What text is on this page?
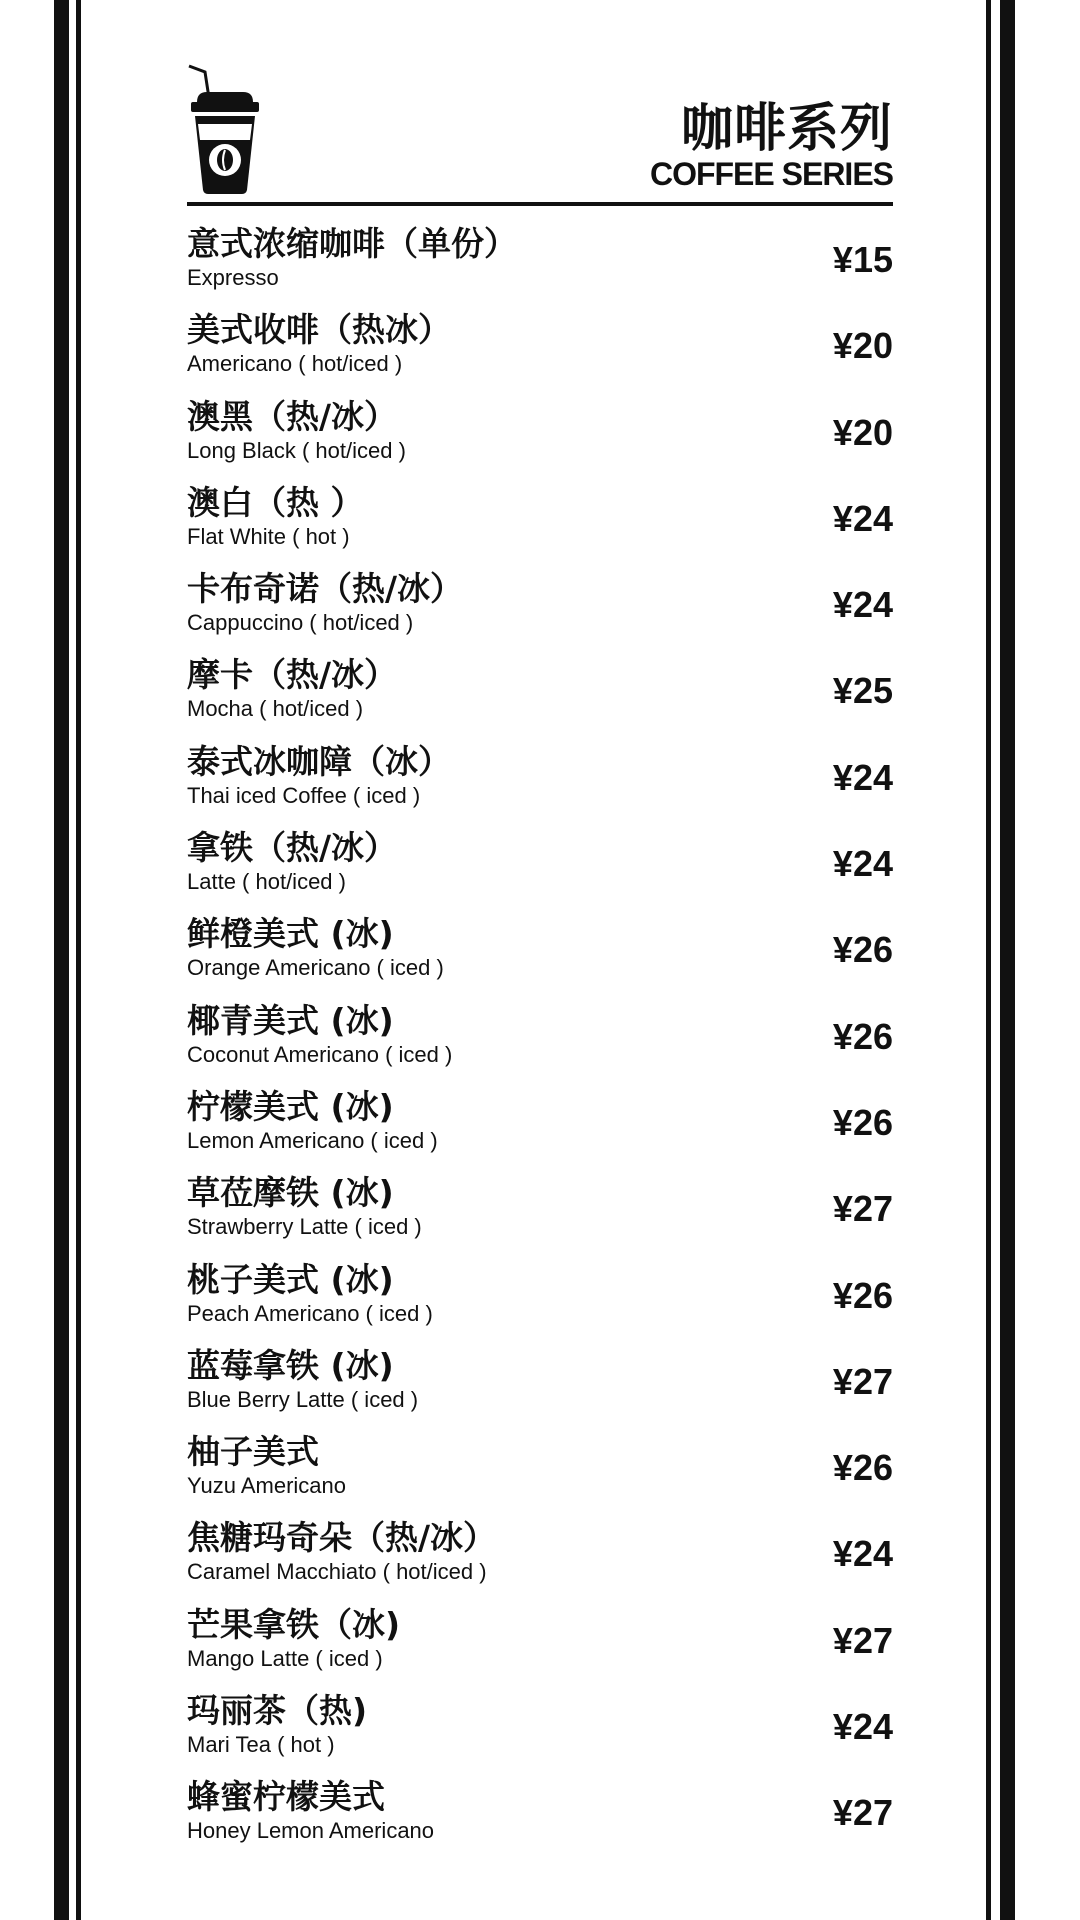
咖啡系列
COFFEE SERIES
意式浓缩咖啡（单份）
Expresso	¥15
美式收啡（热冰）
Americano ( hot/iced )	¥20
澳黑（热/冰）
Long Black ( hot/iced )	¥20
澳白（热 ）
Flat White ( hot )	¥24
卡布奇诺（热/冰）
Cappuccino ( hot/iced )	¥24
摩卡（热/冰）
Mocha ( hot/iced )	¥25
泰式冰咖障（冰）
Thai iced Coffee ( iced )	¥24
拿铁（热/冰）
Latte ( hot/iced )	¥24
鲜橙美式 (冰)
Orange Americano ( iced )	¥26
椰青美式 (冰)
Coconut Americano ( iced )	¥26
柠檬美式 (冰)
Lemon Americano ( iced )	¥26
草莅摩铁 (冰)
Strawberry Latte ( iced )	¥27
桃子美式 (冰)
Peach Americano ( iced )	¥26
蓝莓拿铁 (冰)
Blue Berry Latte ( iced )	¥27
柚子美式
Yuzu Americano	¥26
焦糖玛奇朵（热/冰）
Caramel Macchiato ( hot/iced )	¥24
芒果拿铁（冰)
Mango Latte ( iced )	¥27
玛丽茶（热)
Mari Tea ( hot )	¥24
蜂蜜柠檬美式
Honey Lemon Americano	¥27
